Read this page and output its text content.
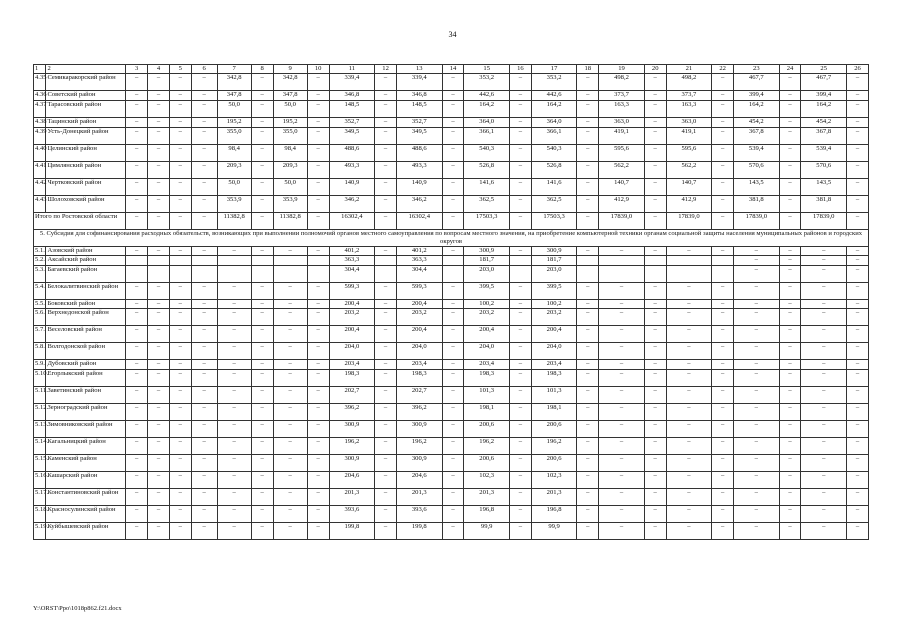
34
1	2	3	4	5	6	7	8	9	10	11	12	13	14	15	16	17	18	19	20	21	22	23	24	25	26
4.35	Семикаракорский район	–	–	–	–	342,8	–	342,8	–	339,4	–	339,4	–	353,2	–	353,2	–	498,2	–	498,2	–	467,7	–	467,7	–
4.36	Советский район	–	–	–	–	347,8	–	347,8	–	346,8	–	346,8	–	442,6	–	442,6	–	373,7	–	373,7	–	399,4	–	399,4	–
4.37	Тарасовский район	–	–	–	–	50,0	–	50,0	–	148,5	–	148,5	–	164,2	–	164,2	–	163,3	–	163,3	–	164,2	–	164,2	–
4.38	Тацинский район	–	–	–	–	195,2	–	195,2	–	352,7	–	352,7	–	364,0	–	364,0	–	363,0	–	363,0	–	454,2	–	454,2	–
4.39	Усть-Донецкий район	–	–	–	–	355,0	–	355,0	–	349,5	–	349,5	–	366,1	–	366,1	–	419,1	–	419,1	–	367,8	–	367,8	–
4.40	Целинский район	–	–	–	–	98,4	–	98,4	–	488,6	–	488,6	–	540,3	–	540,3	–	595,6	–	595,6	–	539,4	–	539,4	–
4.41	Цимлянский район	–	–	–	–	209,3	–	209,3	–	493,3	–	493,3	–	526,8	–	526,8	–	562,2	–	562,2	–	570,6	–	570,6	–
4.42	Чертковский район	–	–	–	–	50,0	–	50,0	–	140,9	–	140,9	–	141,6	–	141,6	–	140,7	–	140,7	–	143,5	–	143,5	–
4.43	Шолоховский район	–	–	–	–	353,9	–	353,9	–	346,2	–	346,2	–	362,5	–	362,5	–	412,9	–	412,9	–	381,8	–	381,8	–
Итого по Ростовской области		–	–	–	–	11382,8	–	11382,8	–	16302,4	–	16302,4	–	17503,3	–	17503,3	–	17839,0	–	17839,0	–	17839,0	–	17839,0	–
5. Субсидия для софинансирования расходных обязательств, возникающих при выполнении полномочий органов местного самоуправления по вопросам местного значения, на приобретение компьютерной техники органам социальной защиты населения муниципальных районов и городских округов																									
5.1.	Азовский район	–	–	–	–	–	–	–	–	401,2	–	401,2	–	300,9	–	300,9	–	–	–	–	–	–	–	–	–
5.2.	Аксайский район									363,3		363,3		181,7		181,7						–	–	–	–
5.3.	Багаевский район									304,4		304,4		203,0		203,0						–	–	–	–
5.4.	Белокалитвинский район	–	–	–	–	–	–	–	–	599,3	–	599,3	–	399,5	–	399,5	–	–	–	–	–	–	–	–	–
5.5.	Боковский район	–	–	–	–	–	–	–	–	200,4	–	200,4	–	100,2	–	100,2	–	–	–	–	–	–	–	–	–
5.6.	Верхнедонской район	–	–	–	–	–	–	–	–	203,2	–	203,2	–	203,2	–	203,2	–	–	–	–	–	–	–	–	–
5.7.	Веселовский район	–	–	–	–	–	–	–	–	200,4	–	200,4	–	200,4	–	200,4	–	–	–	–	–	–	–	–	–
5.8.	Волгодонской район	–	–	–	–	–	–	–	–	204,0	–	204,0	–	204,0	–	204,0	–	–	–	–	–	–	–	–	–
5.9.	Дубовский район	–	–	–	–	–	–	–	–	203,4	–	203,4	–	203,4	–	203,4	–	–	–	–	–	–	–	–	–
5.10.	Егорлыкский район	–	–	–	–	–	–	–	–	198,3	–	198,3	–	198,3	–	198,3	–	–	–	–	–	–	–	–	–
5.11.	Заветинский район	–	–	–	–	–	–	–	–	202,7	–	202,7	–	101,3	–	101,3	–	–	–	–	–	–	–	–	–
5.12.	Зерноградский район	–	–	–	–	–	–	–	–	396,2	–	396,2	–	198,1	–	198,1	–	–	–	–	–	–	–	–	–
5.13.	Зимовниковский район	–	–	–	–	–	–	–	–	300,9	–	300,9	–	200,6	–	200,6	–	–	–	–	–	–	–	–	–
5.14.	Кагальницкий район	–	–	–	–	–	–	–	–	196,2	–	196,2	–	196,2	–	196,2	–	–	–	–	–	–	–	–	–
5.15.	Каменский район	–	–	–	–	–	–	–	–	300,9	–	300,9	–	200,6	–	200,6	–	–	–	–	–	–	–	–	–
5.16.	Кашарский район	–	–	–	–	–	–	–	–	204,6	–	204,6	–	102,3	–	102,3	–	–	–	–	–	–	–	–	–
5.17.	Константиновский район	–	–	–	–	–	–	–	–	201,3	–	201,3	–	201,3	–	201,3	–	–	–	–	–	–	–	–	–
5.18.	Красносулинский район	–	–	–	–	–	–	–	–	393,6	–	393,6	–	196,8	–	196,8	–	–	–	–	–	–	–	–	–
5.19.	Куйбышевский район	–	–	–	–	–	–	–	–	199,8	–	199,8	–	99,9	–	99,9	–	–	–	–	–	–	–	–	–
Y:\ORST\Ppo\1018p862.f21.docx
